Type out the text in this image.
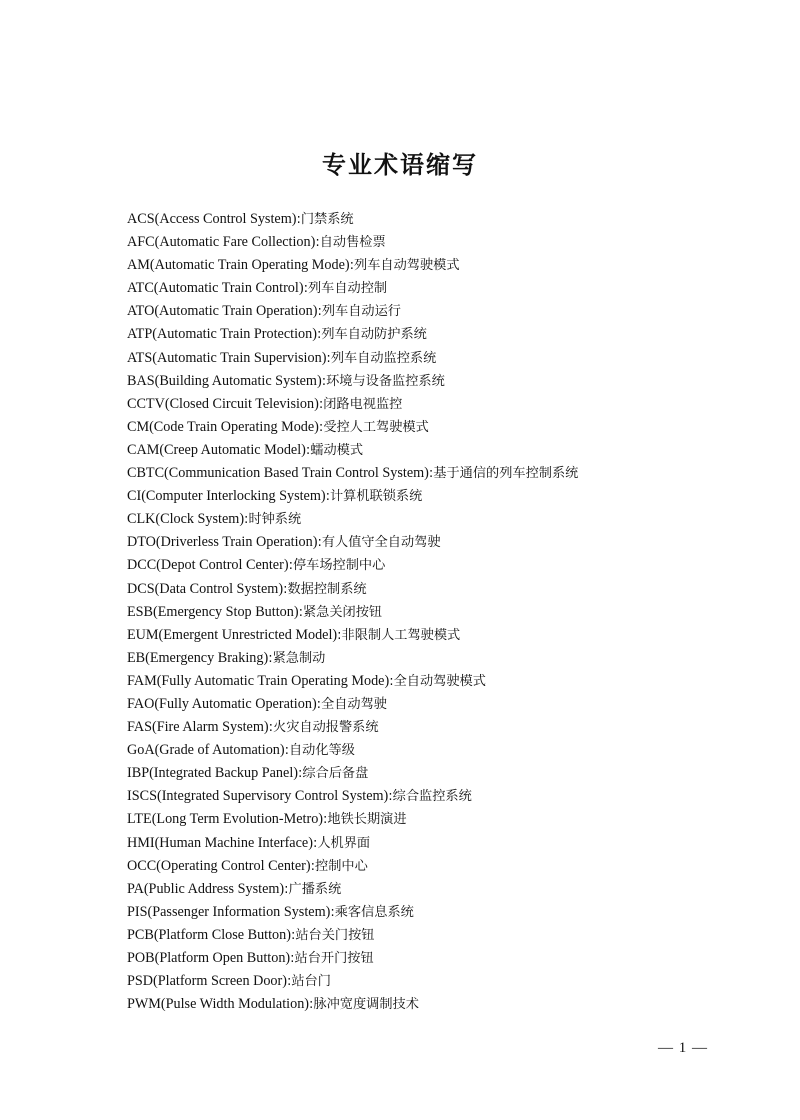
专业术语缩写
ACS(Access Control System):门禁系统
AFC(Automatic Fare Collection):自动售检票
AM(Automatic Train Operating Mode):列车自动驾驶模式
ATC(Automatic Train Control):列车自动控制
ATO(Automatic Train Operation):列车自动运行
ATP(Automatic Train Protection):列车自动防护系统
ATS(Automatic Train Supervision):列车自动监控系统
BAS(Building Automatic System):环境与设备监控系统
CCTV(Closed Circuit Television):闭路电视监控
CM(Code Train Operating Mode):受控人工驾驶模式
CAM(Creep Automatic Model):蠕动模式
CBTC(Communication Based Train Control System):基于通信的列车控制系统
CI(Computer Interlocking System):计算机联锁系统
CLK(Clock System):时钟系统
DTO(Driverless Train Operation):有人值守全自动驾驶
DCC(Depot Control Center):停车场控制中心
DCS(Data Control System):数据控制系统
ESB(Emergency Stop Button):紧急关闭按钮
EUM(Emergent Unrestricted Model):非限制人工驾驶模式
EB(Emergency Braking):紧急制动
FAM(Fully Automatic Train Operating Mode):全自动驾驶模式
FAO(Fully Automatic Operation):全自动驾驶
FAS(Fire Alarm System):火灾自动报警系统
GoA(Grade of Automation):自动化等级
IBP(Integrated Backup Panel):综合后备盘
ISCS(Integrated Supervisory Control System):综合监控系统
LTE(Long Term Evolution-Metro):地铁长期演进
HMI(Human Machine Interface):人机界面
OCC(Operating Control Center):控制中心
PA(Public Address System):广播系统
PIS(Passenger Information System):乘客信息系统
PCB(Platform Close Button):站台关门按钮
POB(Platform Open Button):站台开门按钮
PSD(Platform Screen Door):站台门
PWM(Pulse Width Modulation):脉冲宽度调制技术
— 1 —
